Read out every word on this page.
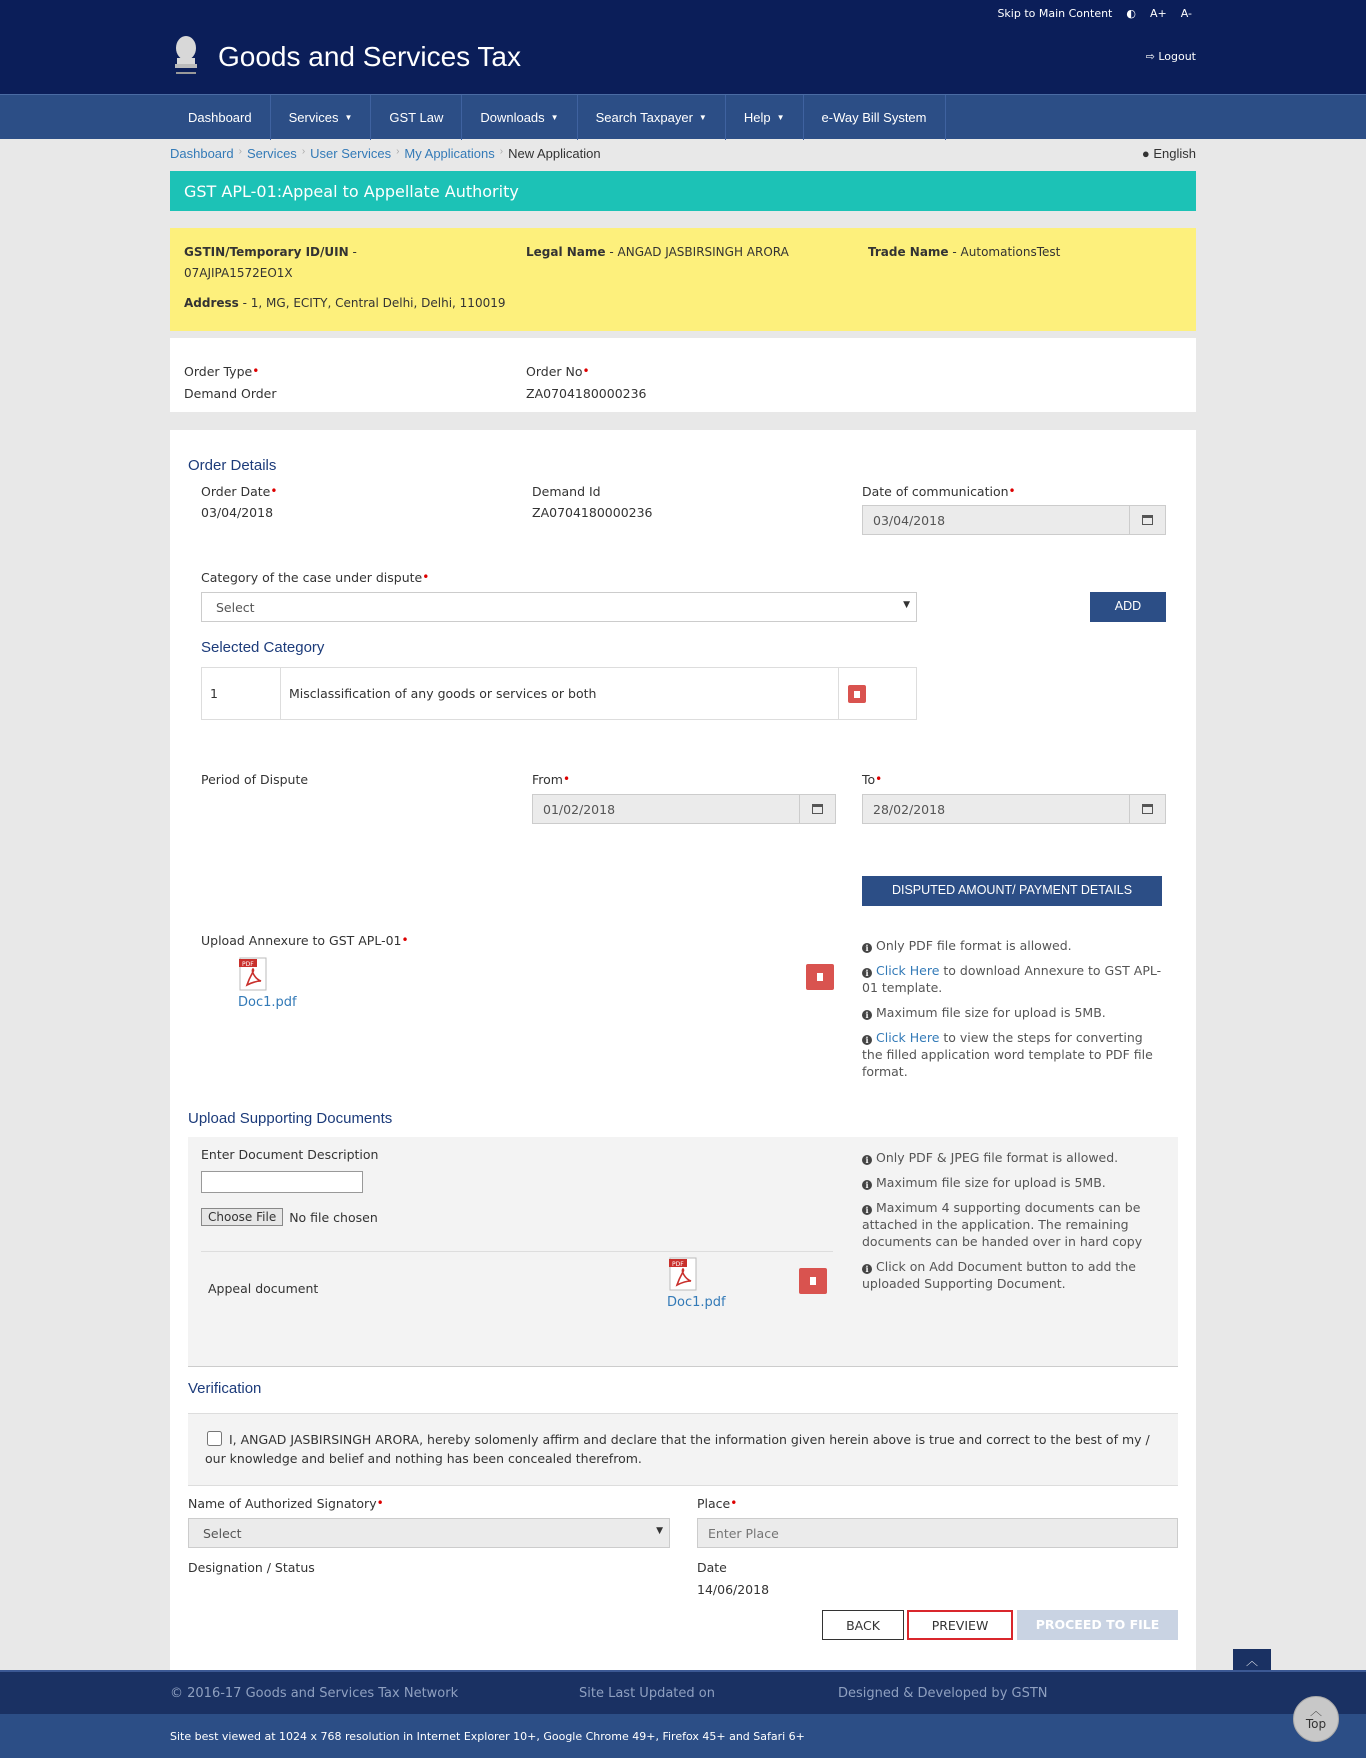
Skip to Main Content ◐ A+ A-
Goods and Services Tax	⇨ Logout
Dashboard	Services ▼	GST Law	Downloads ▼	Search Taxpayer ▼	Help ▼	e-Way Bill System
Dashboard › Services › User Services › My Applications › New Application	● English
GST APL-01:Appeal to Appellate Authority
GSTIN/Temporary ID/UIN -
07AJIPA1572EO1X
Legal Name - ANGAD JASBIRSINGH ARORA	Trade Name - AutomationsTest
Address - 1, MG, ECITY, Central Delhi, Delhi, 110019
Order Type•
Demand Order
Order No•
ZA0704180000236
Order Details
Order Date•
03/04/2018
Demand Id
ZA0704180000236
Date of communication•
03/04/2018
Category of the case under dispute•
Select	▼	ADD
Selected Category
1	Misclassification of any goods or services or both
Period of Dispute	From•
01/02/2018
To•
28/02/2018
DISPUTED AMOUNT/ PAYMENT DETAILS
Upload Annexure to GST APL-01•
PDF
Doc1.pdf

i Only PDF file format is allowed.

i Click Here to download Annexure to GST APL-01 template.

i Maximum file size for upload is 5MB.

i Click Here to view the steps for converting the filled application word template to PDF file format.

Upload Supporting Documents
Enter Document Description
Choose File	No file chosen
Appeal document
PDF
Doc1.pdf

i Only PDF & JPEG file format is allowed.

i Maximum file size for upload is 5MB.

i Maximum 4 supporting documents can be attached in the application. The remaining documents can be handed over in hard copy

i Click on Add Document button to add the uploaded Supporting Document.

Verification
I, ANGAD JASBIRSINGH ARORA, hereby solomenly affirm and declare that the information given herein above is true and correct to the best of my / our knowledge and belief and nothing has been concealed therefrom.
Name of Authorized Signatory•
Select	▼
Place•
Enter Place
Designation / Status	Date
14/06/2018
BACK	PREVIEW	PROCEED TO FILE
︿
© 2016-17 Goods and Services Tax Network	Site Last Updated on	Designed & Developed by GSTN
Site best viewed at 1024 x 768 resolution in Internet Explorer 10+, Google Chrome 49+, Firefox 45+ and Safari 6+
︿
Top
